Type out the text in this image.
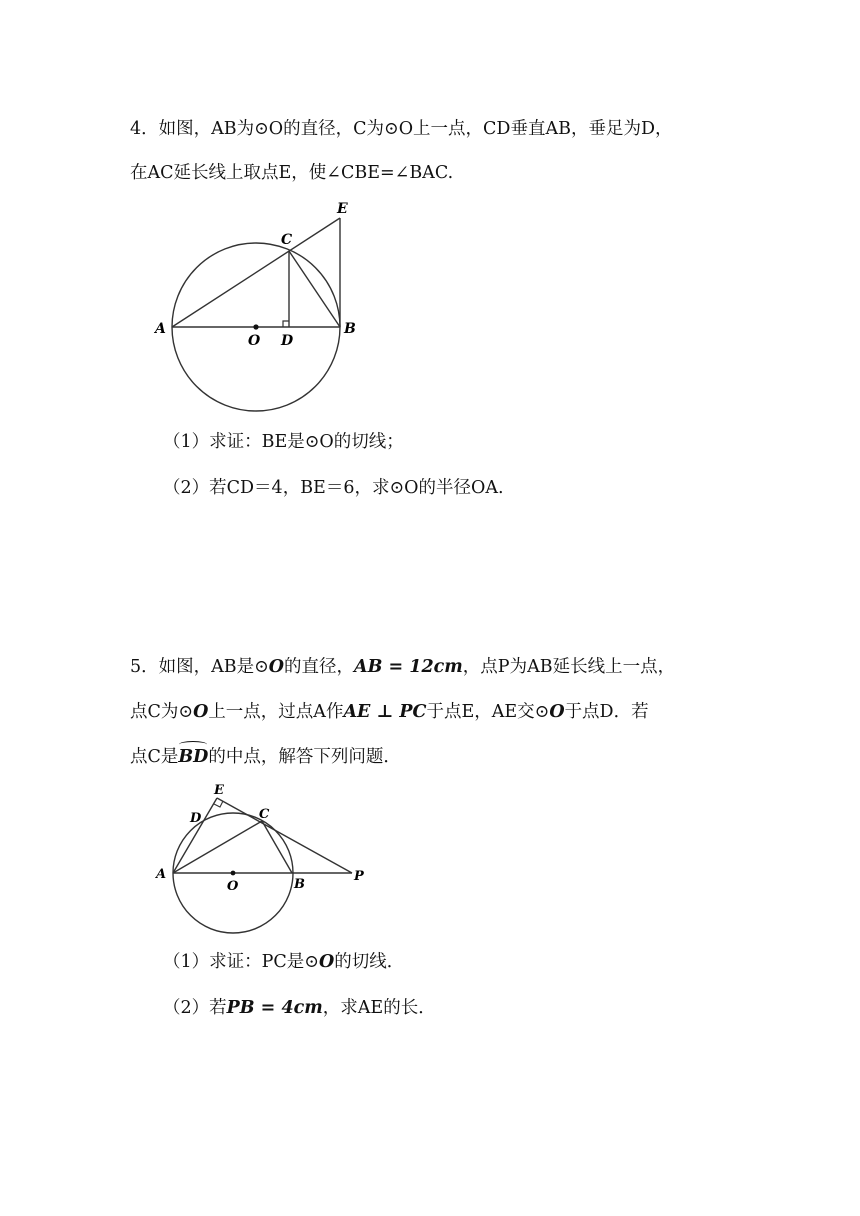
4．如图，AB为⊙O的直径，C为⊙O上一点，CD垂直AB，垂足为D，
在AC延长线上取点E，使∠CBE=∠BAC.
A	B
C
D
E
O
（1）求证：BE是⊙O的切线；
（2）若CD＝4，BE＝6，求⊙O的半径OA.
5．如图，AB是⊙O的直径，AB = 12cm，点P为AB延长线上一点，
点C为⊙O上一点，过点A作AE ⊥ PC于点E，AE交⊙O于点D．若
点C是BD的中点，解答下列问题．
A
B
C
D
E
O
P
（1）求证：PC是⊙O的切线．
（2）若PB = 4cm，求AE的长．
